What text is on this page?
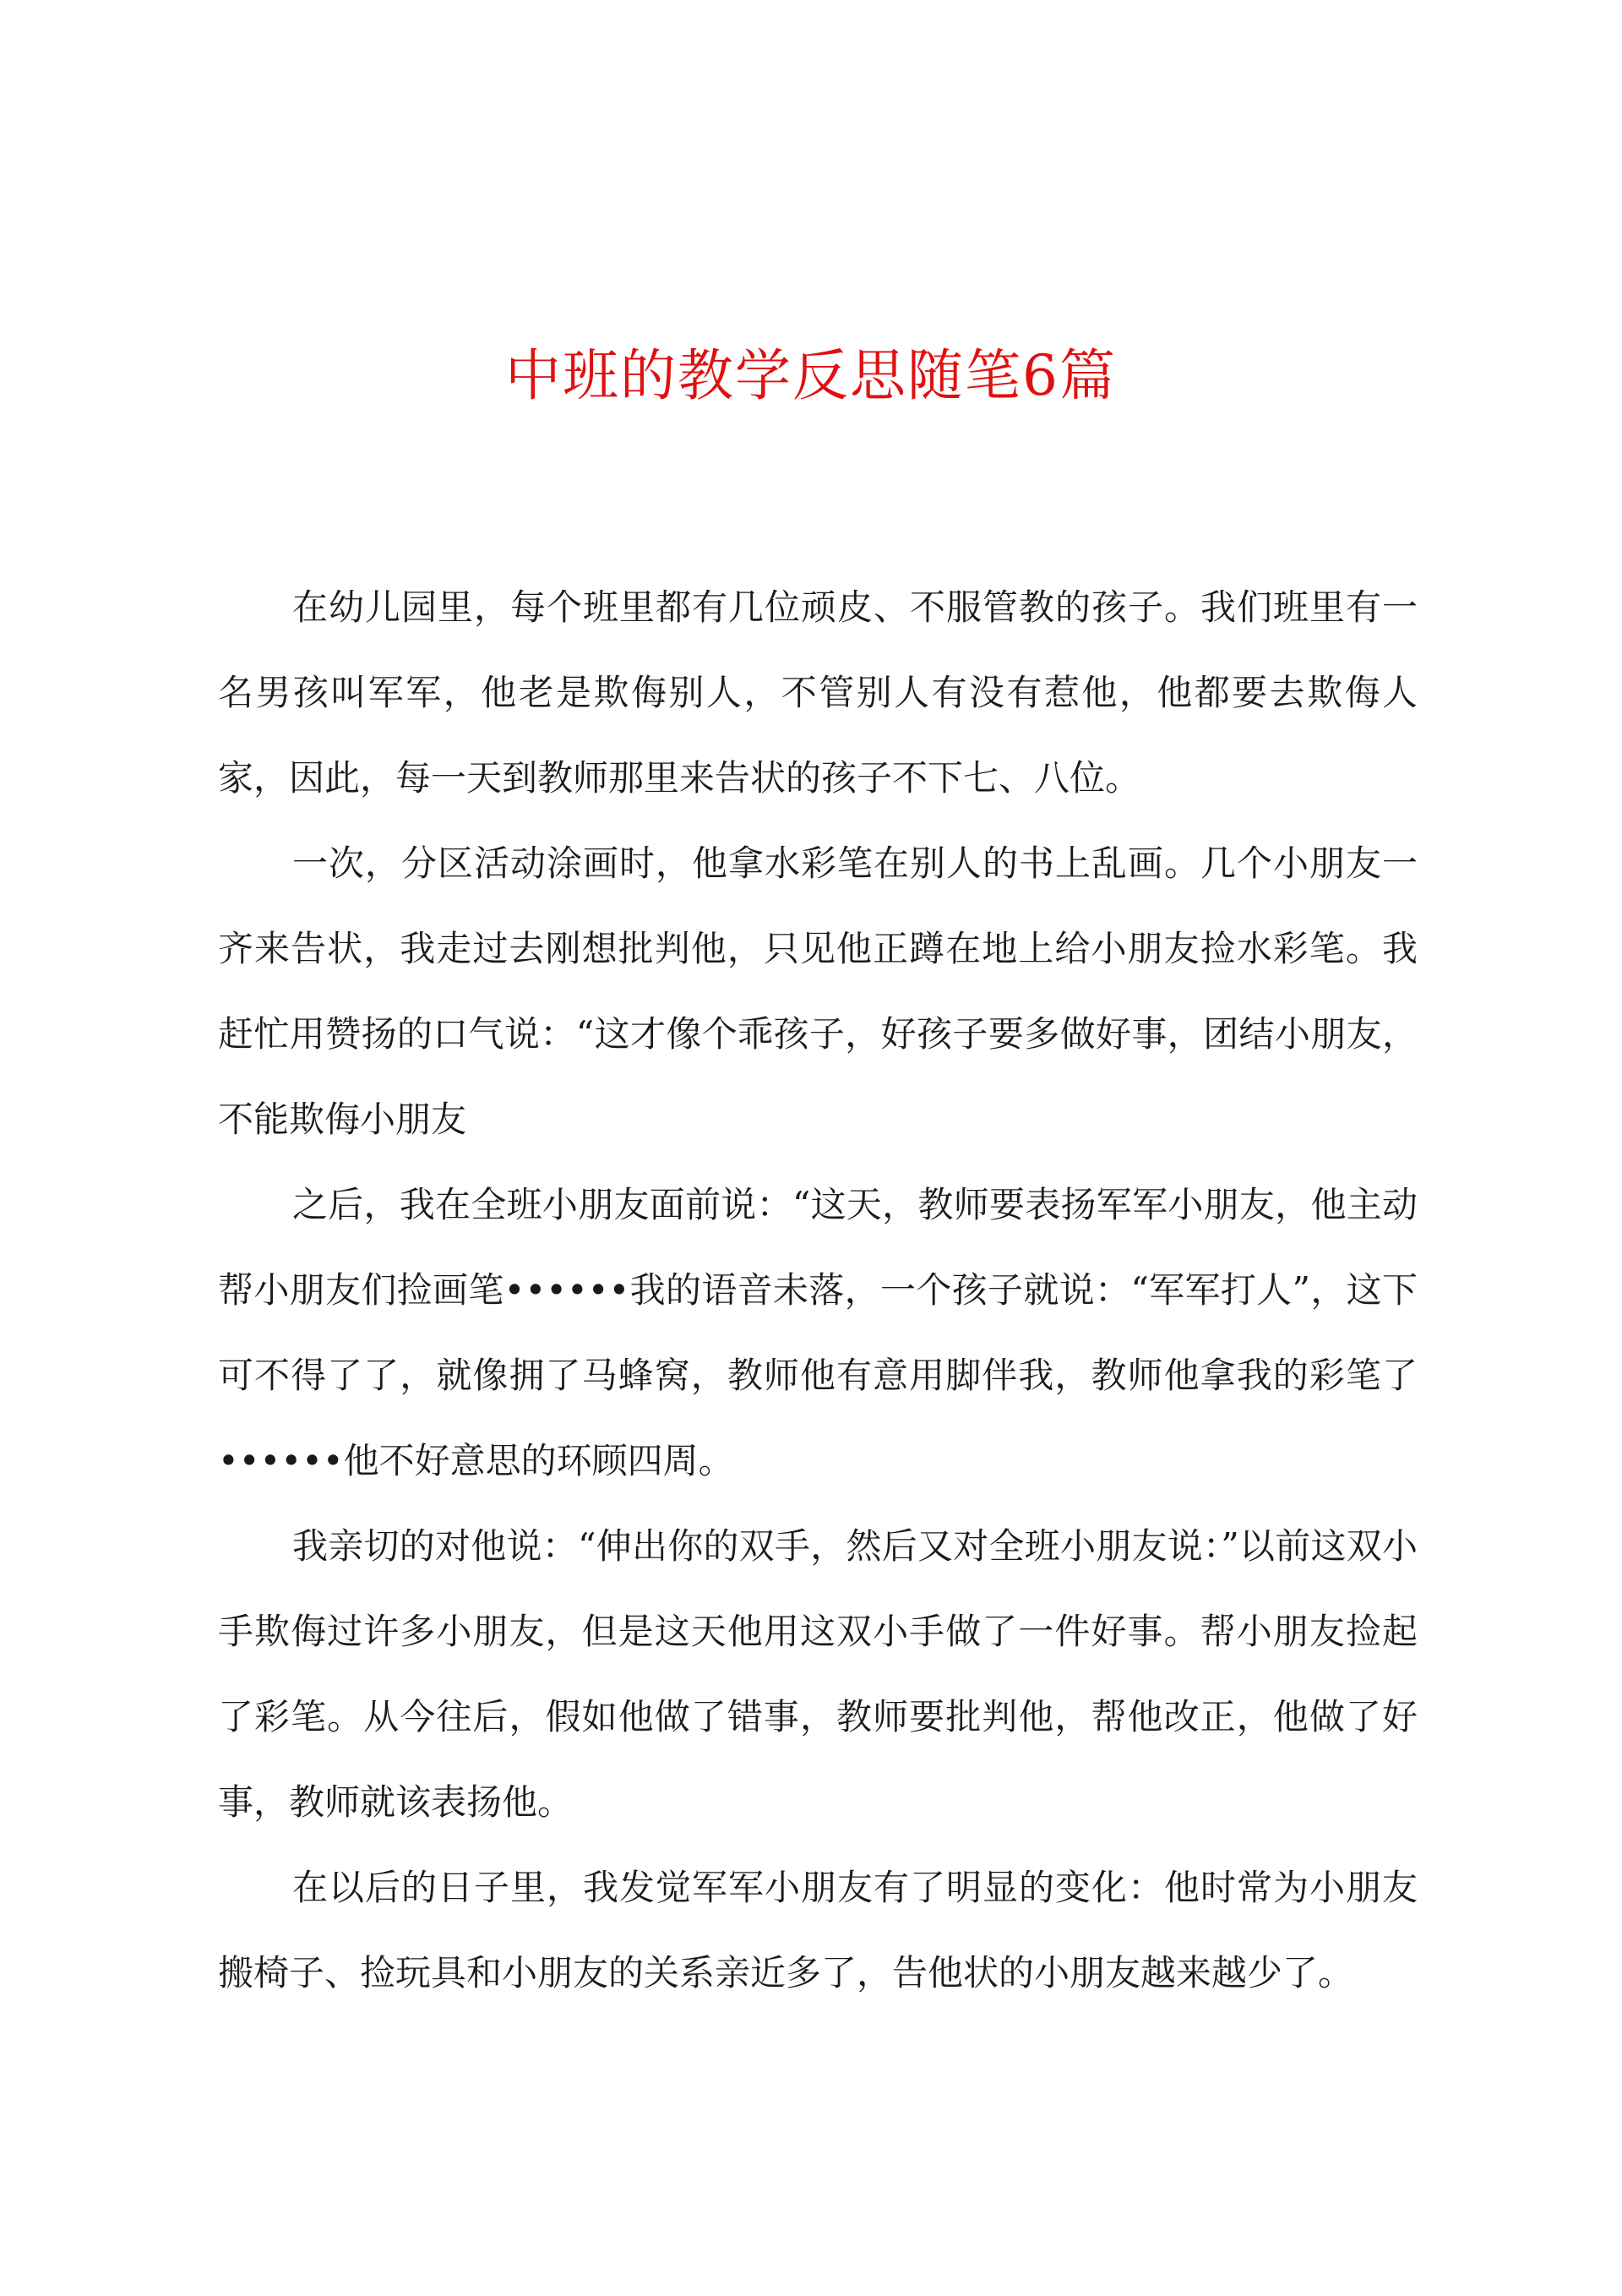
中班的教学反思随笔6篇

在幼儿园里，每个班里都有几位顽皮、不服管教的孩子。我们班里有一名男孩叫军军，他老是欺侮别人，不管别人有没有惹他，他都要去欺侮人家，因此，每一天到教师那里来告状的孩子不下七、八位。

一次，分区活动涂画时，他拿水彩笔在别人的书上乱画。几个小朋友一齐来告状，我走过去刚想批判他，只见他正蹲在地上给小朋友捡水彩笔。我赶忙用赞扬的口气说：“这才像个乖孩子，好孩子要多做好事，团结小朋友，不能欺侮小朋友

之后，我在全班小朋友面前说：“这天，教师要表扬军军小朋友，他主动帮小朋友们捡画笔••••••我的语音未落，一个孩子就说：“军军打人”，这下可不得了了，就像拥了马蜂窝，教师他有意用脚伴我，教师他拿我的彩笔了••••••他不好意思的环顾四周。

我亲切的对他说：“伸出你的双手，然后又对全班小朋友说：”以前这双小手欺侮过许多小朋友，但是这天他用这双小手做了一件好事。帮小朋友捡起了彩笔。从今往后，假如他做了错事，教师要批判他，帮他改正，他做了好事，教师就该表扬他。

在以后的日子里，我发觉军军小朋友有了明显的变化：他时常为小朋友搬椅子、捡玩具和小朋友的关系亲近多了，告他状的小朋友越来越少了。
